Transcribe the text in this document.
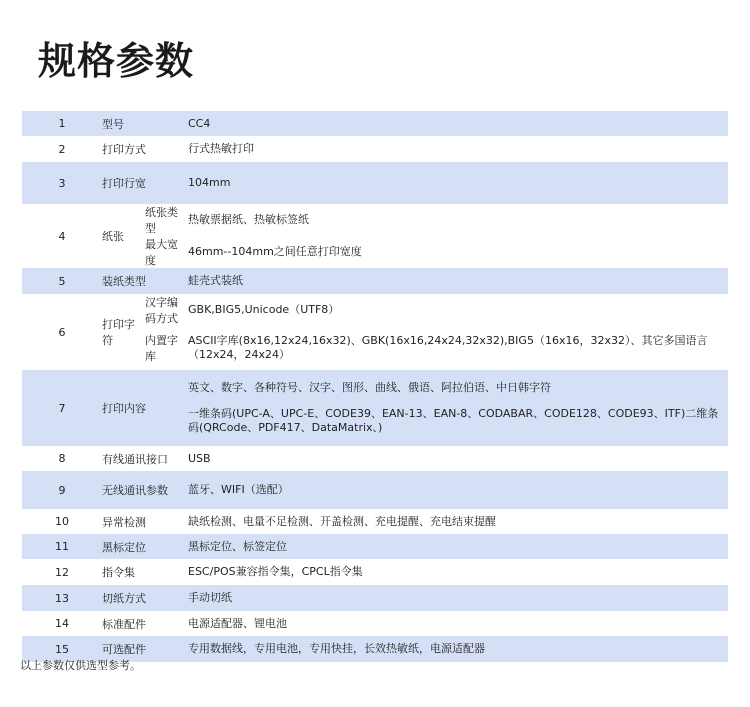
规格参数
1	型号		CC4
2	打印方式		行式热敏打印
3	打印行宽		104mm
4	纸张	纸张类型	热敏票据纸、热敏标签纸
		最大宽度	46mm--104mm之间任意打印宽度
5	装纸类型		蛙壳式装纸
6	打印字符	汉字编码方式	GBK,BIG5,Unicode（UTF8）
		内置字库	ASCII字库(8x16,12x24,16x32)、GBK(16x16,24x24,32x32),BIG5（16x16，32x32）、其它多国语言（12x24，24x24）
7	打印内容		英文、数字、各种符号、汉字、图形、曲线、俄语、阿拉伯语、中日韩字符
一维条码(UPC-A、UPC-E、CODE39、EAN-13、EAN-8、CODABAR、CODE128、CODE93、ITF)二维条码(QRCode、PDF417、DataMatrix、)
8	有线通讯接口		USB
9	无线通讯参数		蓝牙、WIFI（选配）
10	异常检测		缺纸检测、电量不足检测、开盖检测、充电提醒、充电结束提醒
11	黑标定位		黑标定位、标签定位
12	指令集		ESC/POS兼容指令集，CPCL指令集
13	切纸方式		手动切纸
14	标准配件		电源适配器、锂电池
15	可选配件		专用数据线，专用电池，专用快挂，长效热敏纸，电源适配器

以上参数仅供选型参考。
